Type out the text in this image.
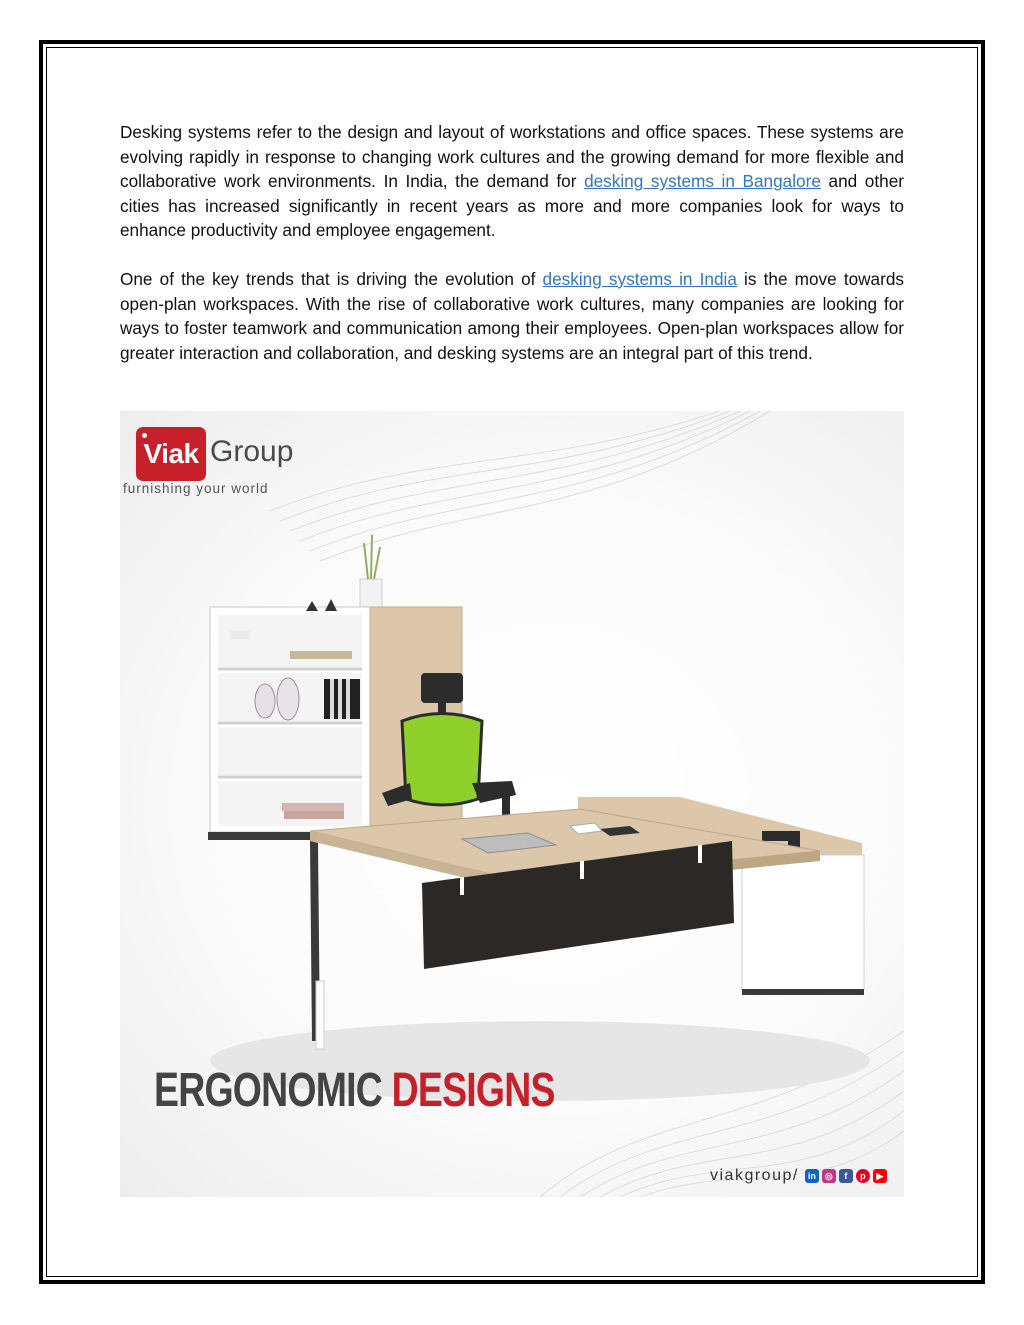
Desking systems refer to the design and layout of workstations and office spaces. These systems are evolving rapidly in response to changing work cultures and the growing demand for more flexible and collaborative work environments. In India, the demand for desking systems in Bangalore and other cities has increased significantly in recent years as more and more companies look for ways to enhance productivity and employee engagement.

One of the key trends that is driving the evolution of desking systems in India is the move towards open-plan workspaces. With the rise of collaborative work cultures, many companies are looking for ways to foster teamwork and communication among their employees. Open-plan workspaces allow for greater interaction and collaboration, and desking systems are an integral part of this trend.

Viak Group
furnishing your world
ERGONOMIC DESIGNS
viakgroup/	in	◎	f	p	▶
